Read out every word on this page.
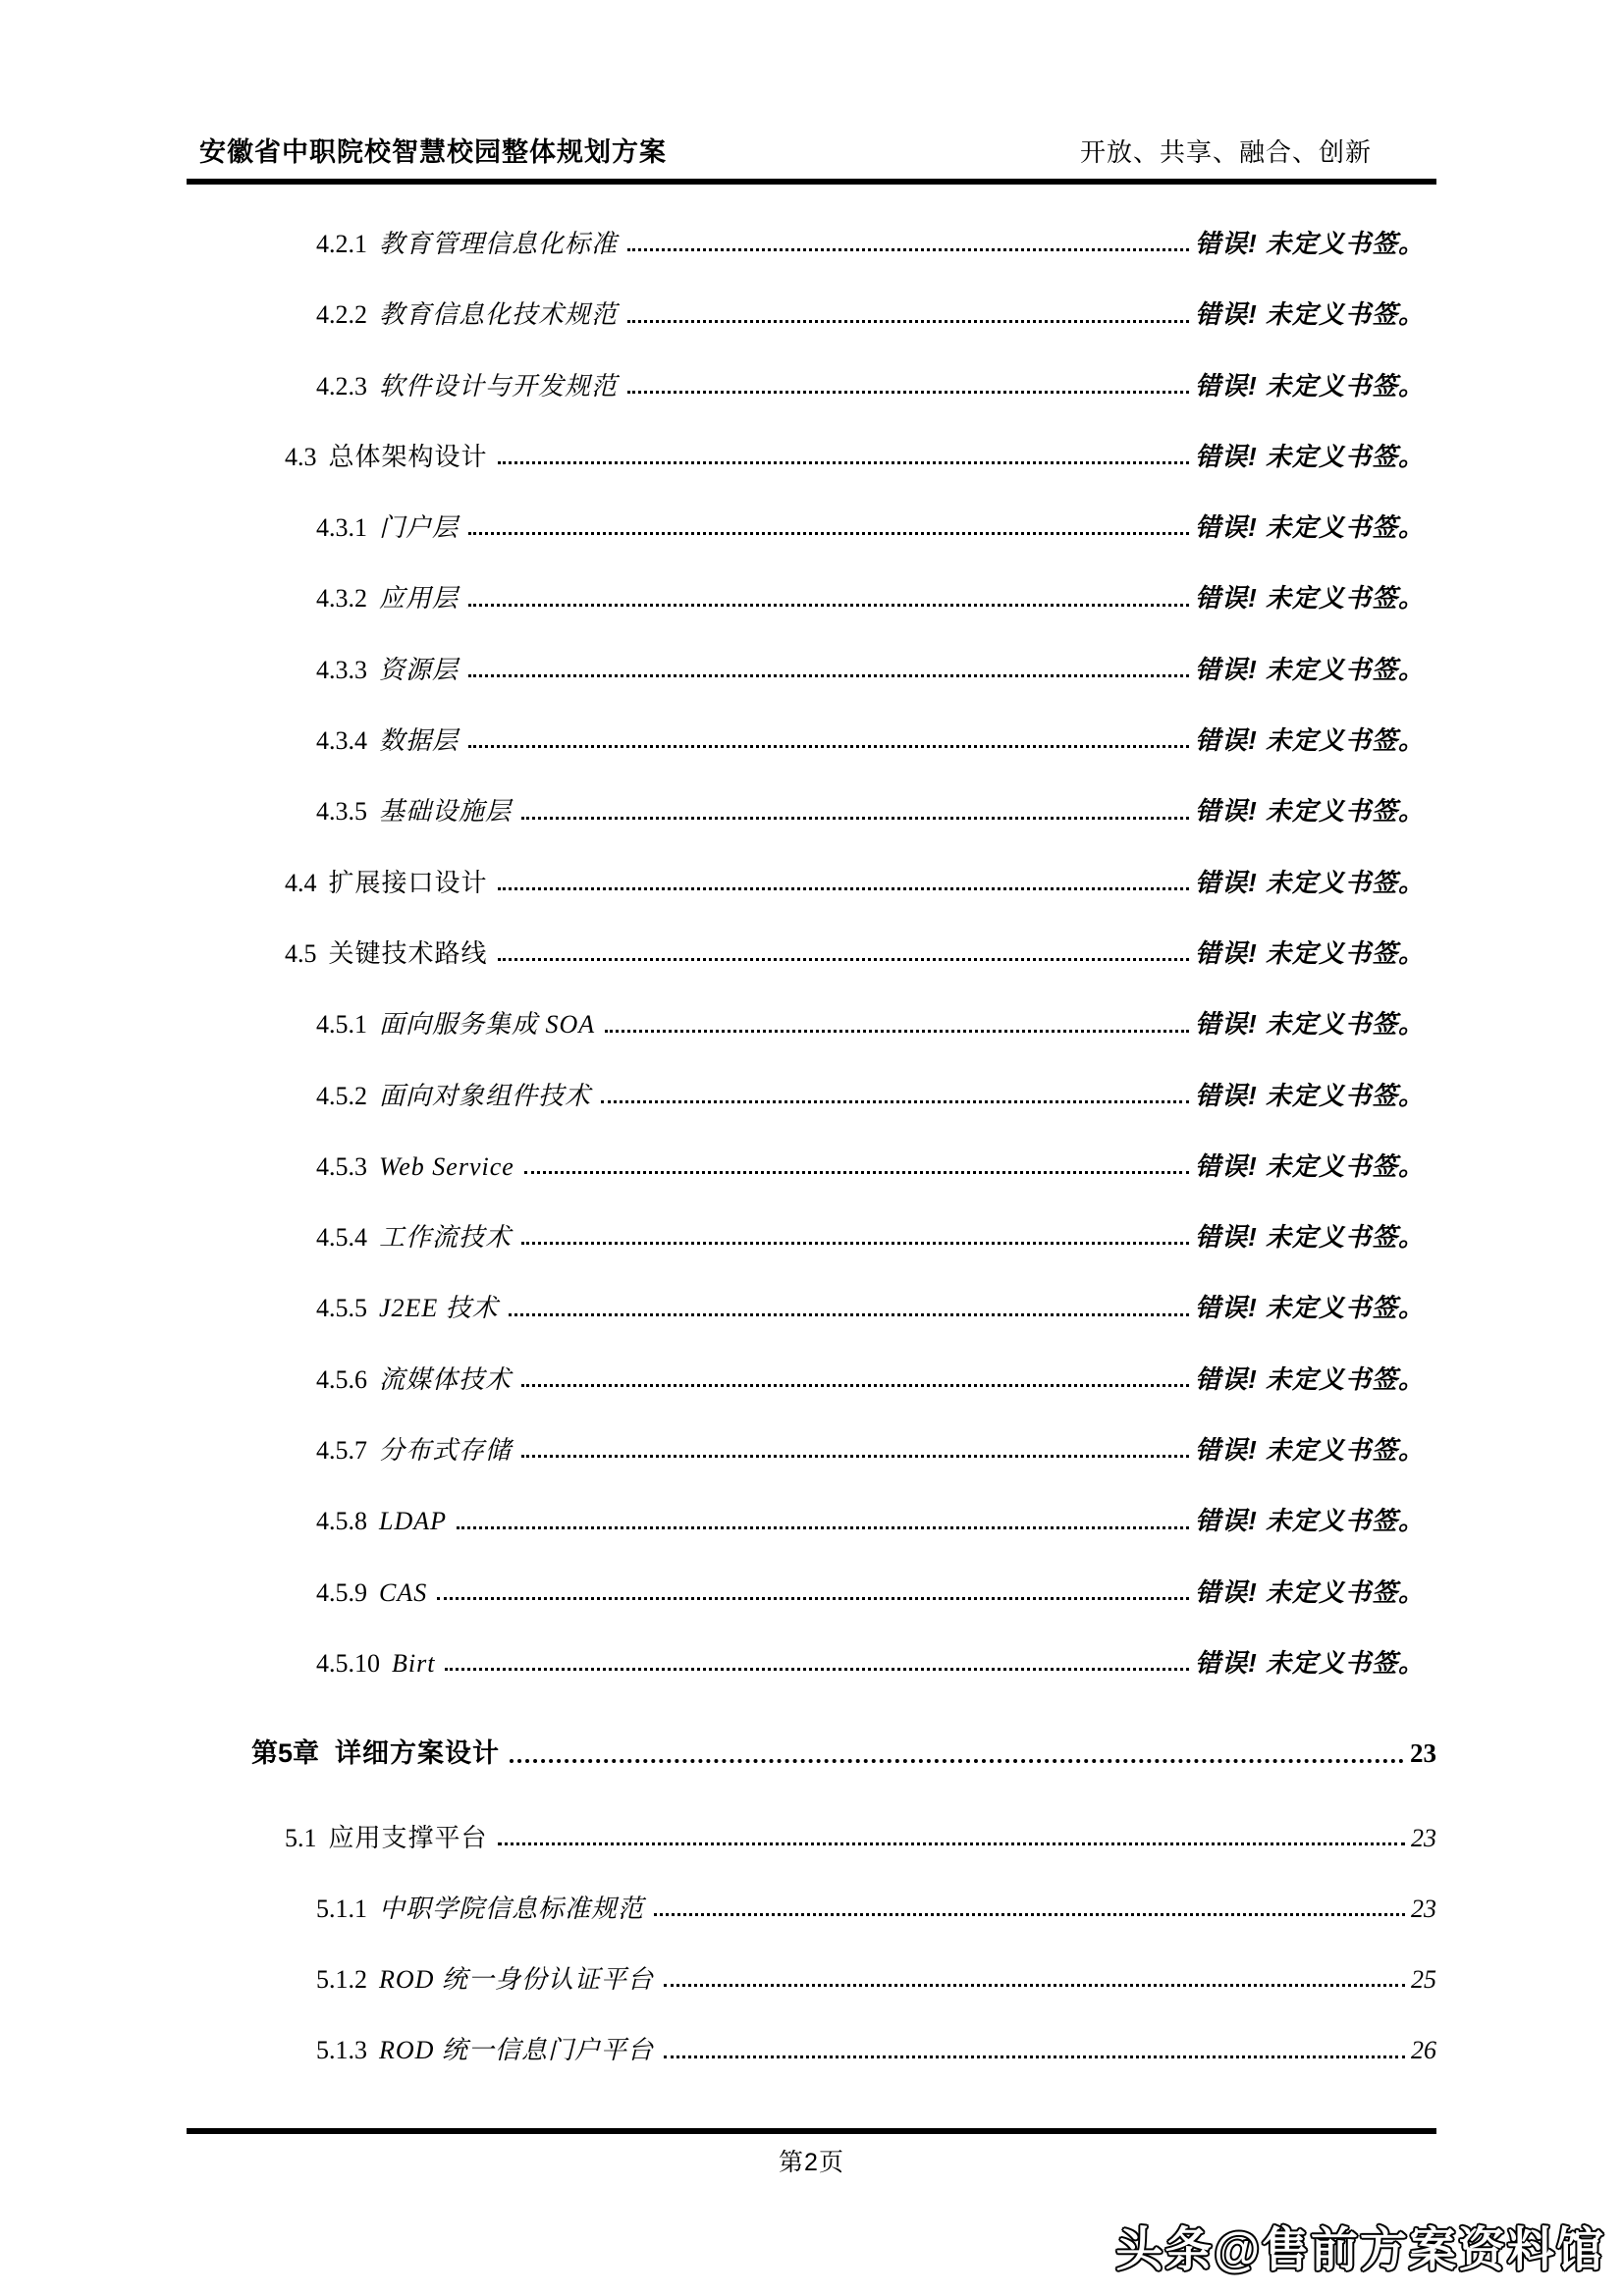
安徽省中职院校智慧校园整体规划方案	开放、共享、融合、创新
4.2.1 教育管理信息化标准	错误! 未定义书签。
4.2.2 教育信息化技术规范	错误! 未定义书签。
4.2.3 软件设计与开发规范	错误! 未定义书签。
4.3 总体架构设计	错误! 未定义书签。
4.3.1 门户层	错误! 未定义书签。
4.3.2 应用层	错误! 未定义书签。
4.3.3 资源层	错误! 未定义书签。
4.3.4 数据层	错误! 未定义书签。
4.3.5 基础设施层	错误! 未定义书签。
4.4 扩展接口设计	错误! 未定义书签。
4.5 关键技术路线	错误! 未定义书签。
4.5.1 面向服务集成 SOA	错误! 未定义书签。
4.5.2 面向对象组件技术	错误! 未定义书签。
4.5.3 Web Service	错误! 未定义书签。
4.5.4 工作流技术	错误! 未定义书签。
4.5.5 J2EE 技术	错误! 未定义书签。
4.5.6 流媒体技术	错误! 未定义书签。
4.5.7 分布式存储	错误! 未定义书签。
4.5.8 LDAP	错误! 未定义书签。
4.5.9 CAS	错误! 未定义书签。
4.5.10 Birt	错误! 未定义书签。
第5章 详细方案设计	23
5.1 应用支撑平台	23
5.1.1 中职学院信息标准规范	23
5.1.2 ROD 统一身份认证平台	25
5.1.3 ROD 统一信息门户平台	26
第2页
头条@售前方案资料馆
